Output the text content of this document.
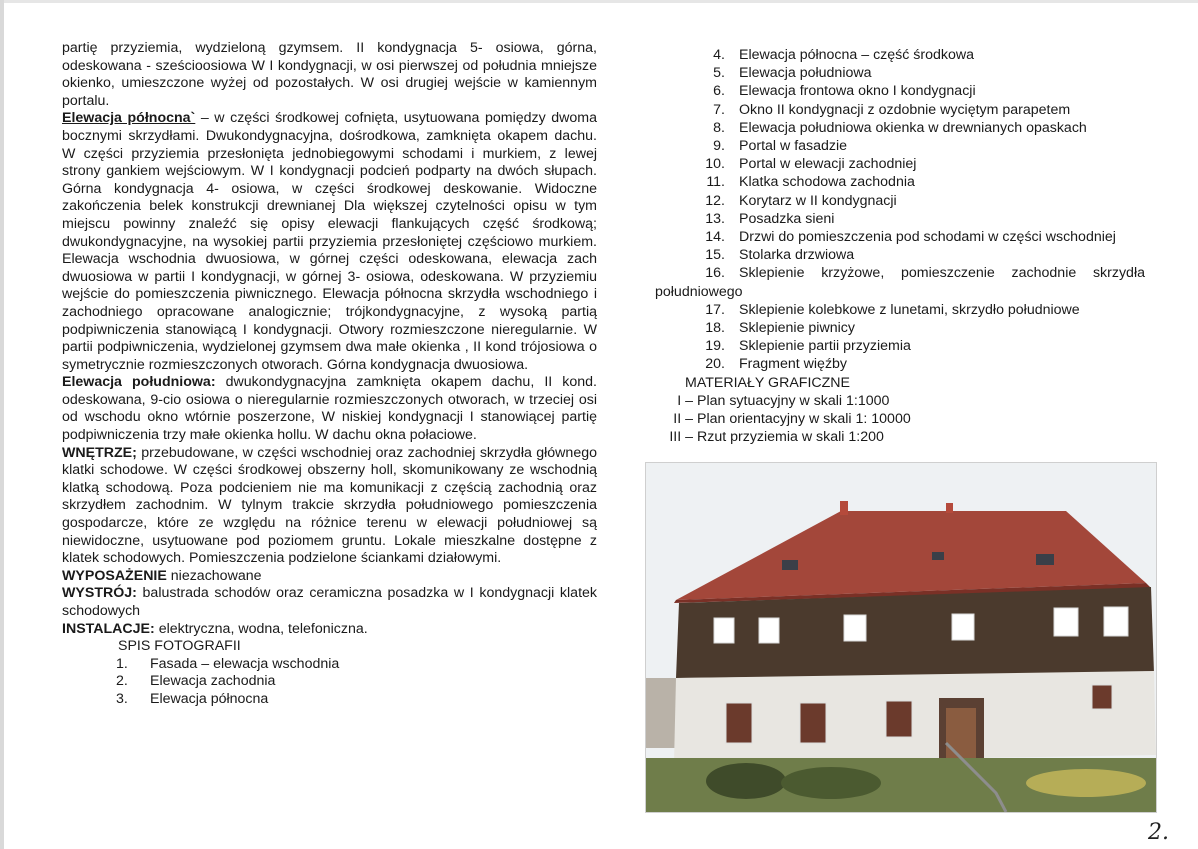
partię przyziemia, wydzieloną gzymsem. II kondygnacja 5- osiowa, górna, odeskowana - sześcioosiowa W I kondygnacji, w osi pierwszej od południa mniejsze okienko, umieszczone wyżej od pozostałych. W osi drugiej wejście w kamiennym portalu.

Elewacja północna` – w części środkowej cofnięta, usytuowana pomiędzy dwoma bocznymi skrzydłami. Dwukondygnacyjna, dośrodkowa, zamknięta okapem dachu. W części przyziemia przesłonięta jednobiegowymi schodami i murkiem, z lewej strony gankiem wejściowym. W I kondygnacji podcień podparty na dwóch słupach. Górna kondygnacja 4- osiowa, w części środkowej deskowanie. Widoczne zakończenia belek konstrukcji drewnianej Dla większej czytelności opisu w tym miejscu powinny znaleźć się opisy elewacji flankujących część środkową; dwukondygnacyjne, na wysokiej partii przyziemia przesłoniętej częściowo murkiem. Elewacja wschodnia dwuosiowa, w górnej części odeskowana, elewacja zach dwuosiowa w partii I kondygnacji, w górnej 3- osiowa, odeskowana. W przyziemiu wejście do pomieszczenia piwnicznego. Elewacja północna skrzydła wschodniego i zachodniego opracowane analogicznie; trójkondygnacyjne, z wysoką partią podpiwniczenia stanowiącą I kondygnacji. Otwory rozmieszczone nieregularnie. W partii podpiwniczenia, wydzielonej gzymsem dwa małe okienka , II kond trójosiowa o symetrycznie rozmieszczonych otworach. Górna kondygnacja dwuosiowa.

Elewacja południowa: dwukondygnacyjna zamknięta okapem dachu, II kond. odeskowana, 9-cio osiowa o nieregularnie rozmieszczonych otworach, w trzeciej osi od wschodu okno wtórnie poszerzone, W niskiej kondygnacji I stanowiącej partię podpiwniczenia trzy małe okienka hollu. W dachu okna połaciowe.

WNĘTRZE; przebudowane, w części wschodniej oraz zachodniej skrzydła głównego klatki schodowe. W części środkowej obszerny holl, skomunikowany ze wschodnią klatką schodową. Poza podcieniem nie ma komunikacji z częścią zachodnią oraz skrzydłem zachodnim. W tylnym trakcie skrzydła południowego pomieszczenia gospodarcze, które ze względu na różnice terenu w elewacji południowej są niewidoczne, usytuowane pod poziomem gruntu. Lokale mieszkalne dostępne z klatek schodowych. Pomieszczenia podzielone ściankami działowymi.

WYPOSAŻENIE niezachowane

WYSTRÓJ: balustrada schodów oraz ceramiczna posadzka w I kondygnacji klatek schodowych

INSTALACJE: elektryczna, wodna, telefoniczna.

SPIS FOTOGRAFII

1.	Fasada – elewacja wschodnia
2.	Elewacja zachodnia
3.	Elewacja północna
4. Elewacja północna – część środkowa
5. Elewacja południowa
6. Elewacja frontowa okno I kondygnacji
7. Okno II kondygnacji z ozdobnie wyciętym parapetem
8. Elewacja południowa okienka w drewnianych opaskach
9. Portal w fasadzie
10. Portal w elewacji zachodniej
11. Klatka schodowa zachodnia
12. Korytarz w II kondygnacji
13. Posadzka sieni
14. Drzwi do pomieszczenia pod schodami w części wschodniej
15. Stolarka drzwiowa
16. Sklepienie krzyżowe, pomieszczenie zachodnie skrzydła
południowego
17. Sklepienie kolebkowe z lunetami, skrzydło południowe
18. Sklepienie piwnicy
19. Sklepienie partii przyziemia
20. Fragment więźby
MATERIAŁY GRAFICZNE
I – Plan sytuacyjny w skali 1:1000
II – Plan orientacyjny w skali 1: 10000
III – Rzut przyziemia w skali 1:200
2.
